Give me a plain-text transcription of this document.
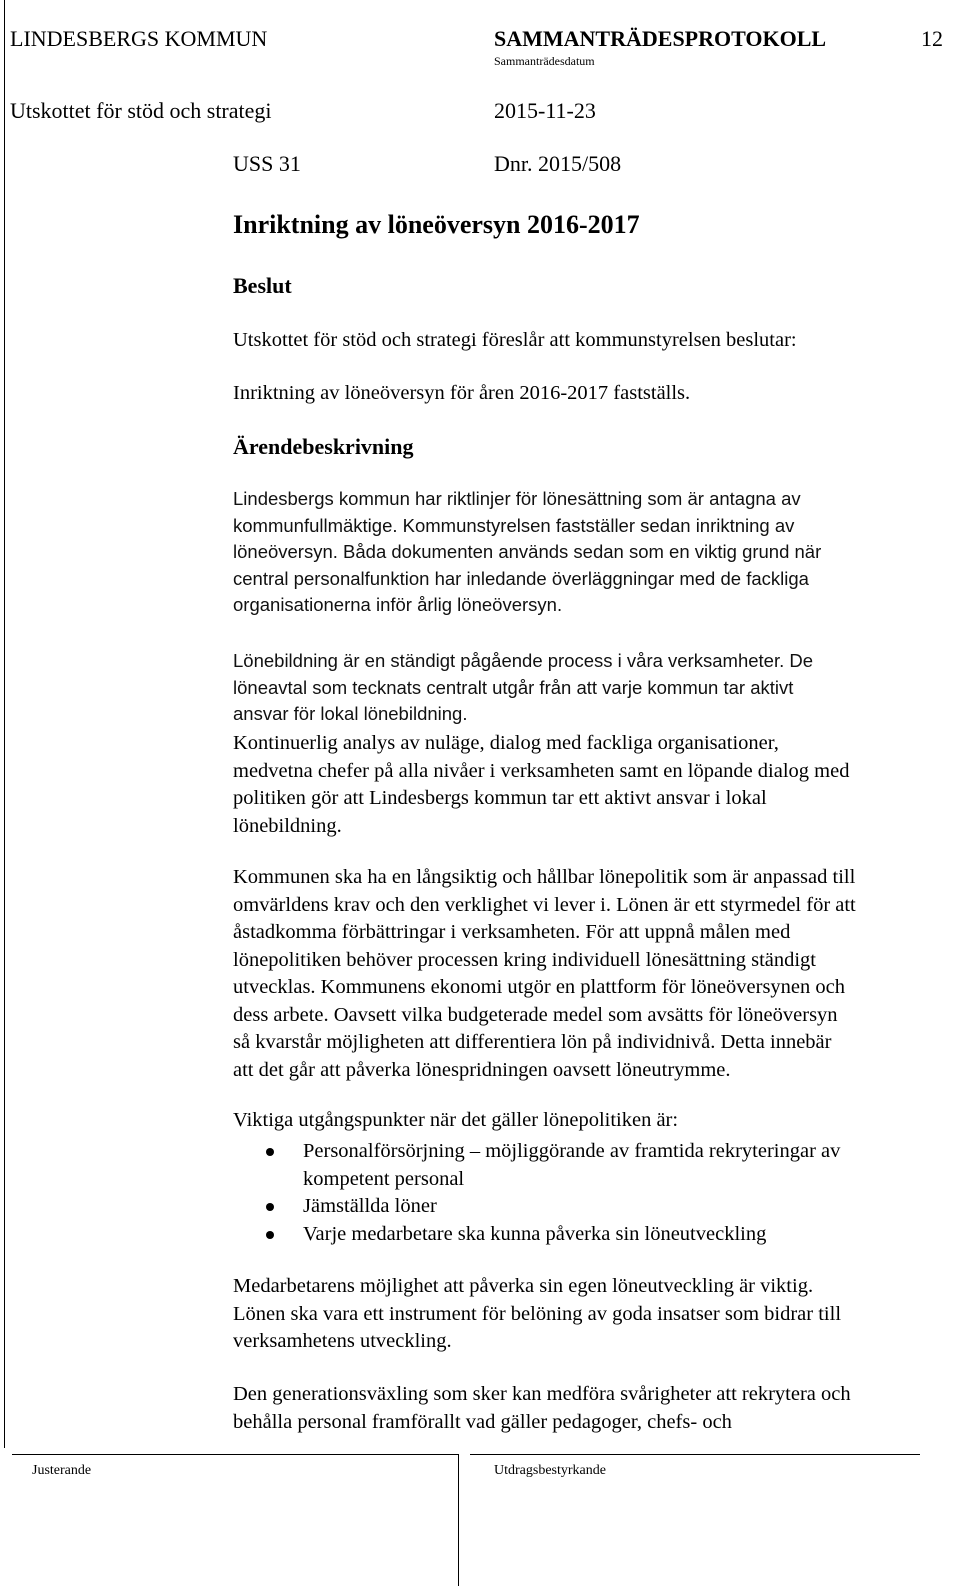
LINDESBERGS KOMMUN	SAMMANTRÄDESPROTOKOLL	12
Sammanträdesdatum
Utskottet för stöd och strategi	2015-11-23
USS 31	Dnr. 2015/508
Inriktning av löneöversyn 2016-2017
Beslut
Utskottet för stöd och strategi föreslår att kommunstyrelsen beslutar:
Inriktning av löneöversyn för åren 2016-2017 fastställs.
Ärendebeskrivning
Lindesbergs kommun har riktlinjer för lönesättning som är antagna av
kommunfullmäktige. Kommunstyrelsen fastställer sedan inriktning av
löneöversyn. Båda dokumenten används sedan som en viktig grund när
central personalfunktion har inledande överläggningar med de fackliga
organisationerna inför årlig löneöversyn.
Lönebildning är en ständigt pågående process i våra verksamheter. De
löneavtal som tecknats centralt utgår från att varje kommun tar aktivt
ansvar för lokal lönebildning.
Kontinuerlig analys av nuläge, dialog med fackliga organisationer,
medvetna chefer på alla nivåer i verksamheten samt en löpande dialog med
politiken gör att Lindesbergs kommun tar ett aktivt ansvar i lokal
lönebildning.
Kommunen ska ha en långsiktig och hållbar lönepolitik som är anpassad till
omvärldens krav och den verklighet vi lever i. Lönen är ett styrmedel för att
åstadkomma förbättringar i verksamheten. För att uppnå målen med
lönepolitiken behöver processen kring individuell lönesättning ständigt
utvecklas. Kommunens ekonomi utgör en plattform för löneöversynen och
dess arbete. Oavsett vilka budgeterade medel som avsätts för löneöversyn
så kvarstår möjligheten att differentiera lön på individnivå. Detta innebär
att det går att påverka lönespridningen oavsett löneutrymme.
Viktiga utgångspunkter när det gäller lönepolitiken är:
Personalförsörjning – möjliggörande av framtida rekryteringar av
kompetent personal
Jämställda löner
Varje medarbetare ska kunna påverka sin löneutveckling
Medarbetarens möjlighet att påverka sin egen löneutveckling är viktig.
Lönen ska vara ett instrument för belöning av goda insatser som bidrar till
verksamhetens utveckling.
Den generationsväxling som sker kan medföra svårigheter att rekrytera och
behålla personal framförallt vad gäller pedagoger, chefs- och
Justerande	Utdragsbestyrkande
